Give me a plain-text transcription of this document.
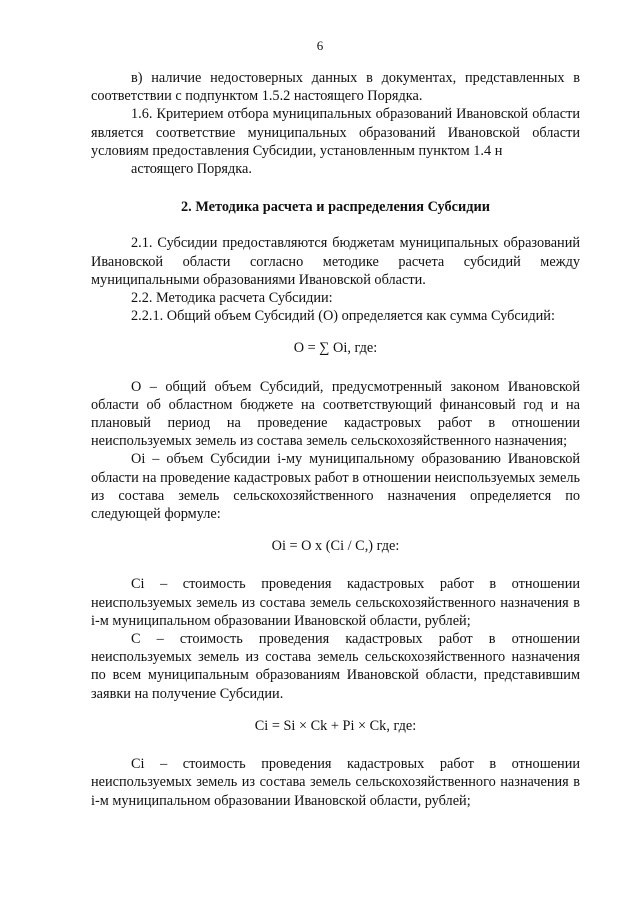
6

в) наличие недостоверных данных в документах, представленных в соответствии с подпунктом 1.5.2 настоящего Порядка.

1.6. Критерием отбора муниципальных образований Ивановской области является соответствие муниципальных образований Ивановской области условиям предоставления Субсидии, установленным пунктом 1.4 н

астоящего Порядка.

2. Методика расчета и распределения Субсидии

2.1. Субсидии предоставляются бюджетам муниципальных образований Ивановской области согласно методике расчета субсидий между муниципальными образованиями Ивановской области.

2.2. Методика расчета Субсидии:

2.2.1. Общий объем Субсидий (О) определяется как сумма Субсидий:

О = ∑ Оi, где:

О – общий объем Субсидий, предусмотренный законом Ивановской области об областном бюджете на соответствующий финансовый год и на плановый период на проведение кадастровых работ в отношении неиспользуемых земель из состава земель сельскохозяйственного назначения;

Оi – объем Субсидии i-му муниципальному образованию Ивановской области на проведение кадастровых работ в отношении неиспользуемых земель из состава земель сельскохозяйственного назначения определяется по следующей формуле:

Оi = О x (Сi / С,) где:

Сi – стоимость проведения кадастровых работ в отношении неиспользуемых земель из состава земель сельскохозяйственного назначения в i-м муниципальном образовании Ивановской области, рублей;

С – стоимость проведения кадастровых работ в отношении неиспользуемых земель из состава земель сельскохозяйственного назначения по всем муниципальным образованиям Ивановской области, представившим заявки на получение Субсидии.

Сi = Si × Ck + Pi × Ck, где:

Сi – стоимость проведения кадастровых работ в отношении неиспользуемых земель из состава земель сельскохозяйственного назначения в i-м муниципальном образовании Ивановской области, рублей;
